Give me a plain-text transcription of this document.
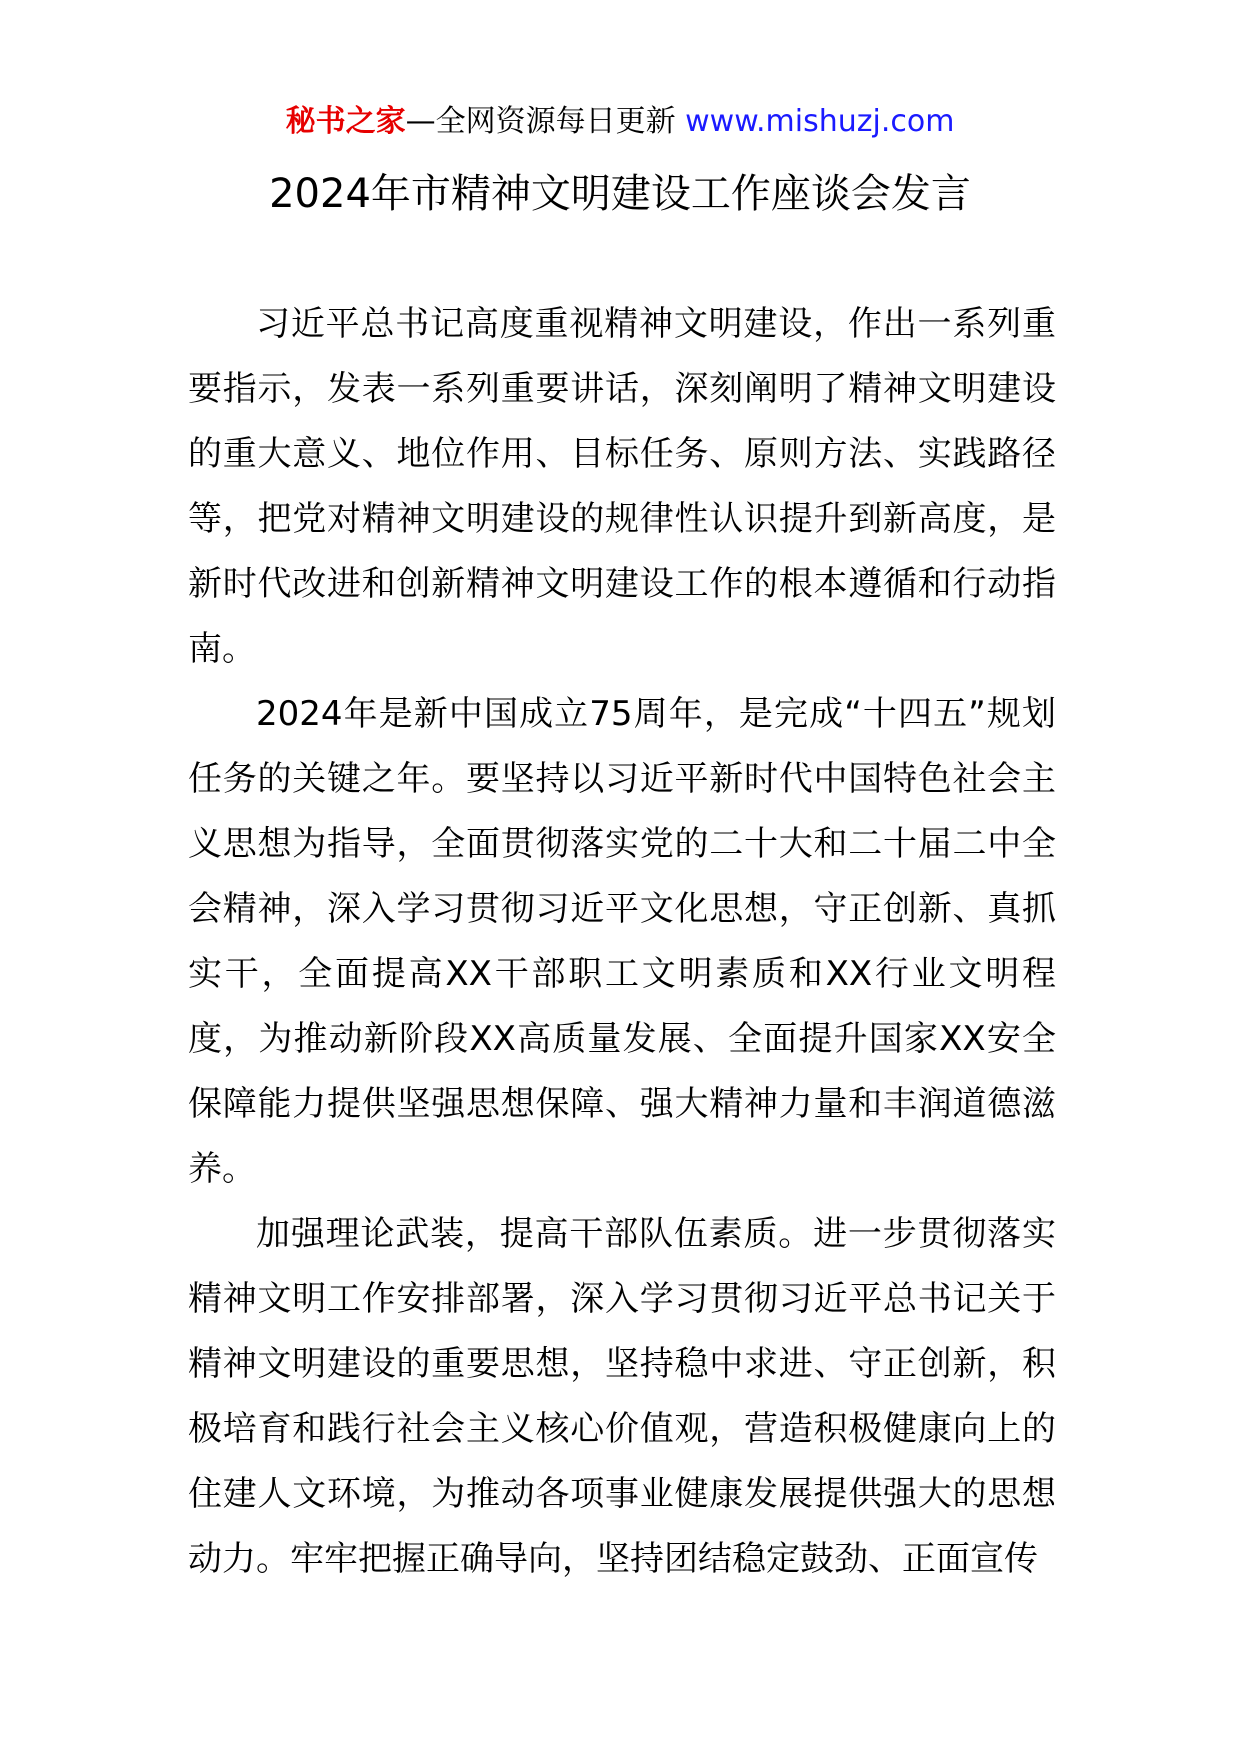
秘书之家—全网资源每日更新 www.mishuzj.com
2024年市精神文明建设工作座谈会发言

习近平总书记高度重视精神文明建设，作出一系列重要指示，发表一系列重要讲话，深刻阐明了精神文明建设的重大意义、地位作用、目标任务、原则方法、实践路径等，把党对精神文明建设的规律性认识提升到新高度，是新时代改进和创新精神文明建设工作的根本遵循和行动指南。

2024年是新中国成立75周年，是完成“十四五”规划任务的关键之年。要坚持以习近平新时代中国特色社会主义思想为指导，全面贯彻落实党的二十大和二十届二中全会精神，深入学习贯彻习近平文化思想，守正创新、真抓实干，全面提高XX干部职工文明素质和XX行业文明程度，为推动新阶段XX高质量发展、全面提升国家XX安全保障能力提供坚强思想保障、强大精神力量和丰润道德滋养。

加强理论武装，提高干部队伍素质。进一步贯彻落实精神文明工作安排部署，深入学习贯彻习近平总书记关于精神文明建设的重要思想，坚持稳中求进、守正创新，积极培育和践行社会主义核心价值观，营造积极健康向上的住建人文环境，为推动各项事业健康发展提供强大的思想动力。牢牢把握正确导向，坚持团结稳定鼓劲、正面宣传
